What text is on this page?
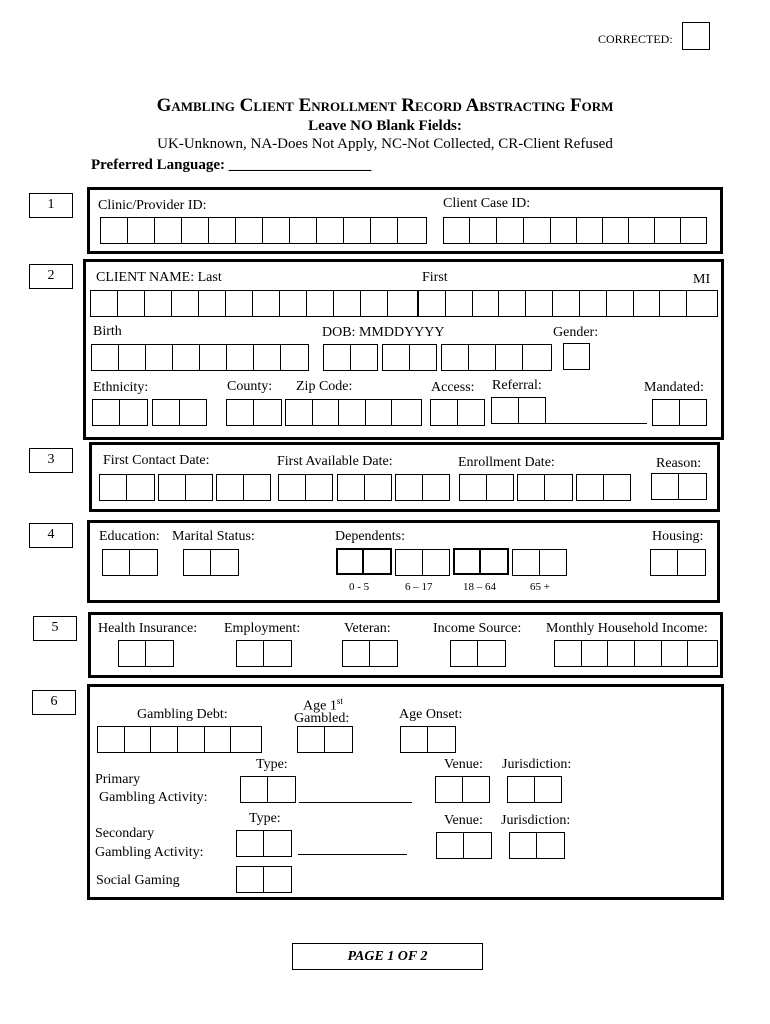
CORRECTED:
Gambling Client Enrollment Record Abstracting Form
Leave NO Blank Fields:
UK-Unknown, NA-Does Not Apply, NC-Not Collected, CR-Client Refused
Preferred Language: ___________________
1	Clinic/Provider ID:	Client Case ID:
2	CLIENT NAME: Last	First	MI
Birth	DOB: MMDDYYYY	Gender:
Ethnicity:	County: Zip Code:	Access: Referral:	Mandated:
3	First Contact Date:	First Available Date:	Enrollment Date:	Reason:
4	Education: Marital Status:	Dependents:	Housing:
0 - 5	6 – 17	18 – 64	65 +
5	Health Insurance: Employment:	Veteran:	Income Source: Monthly Household Income:
6
Gambling Debt:
Age 1st
Gambled:	Age Onset:
Type:	Venue: Jurisdiction:
Primary
Gambling Activity:
Type:	Venue: Jurisdiction:
Secondary
Gambling Activity:
Social Gaming
PAGE 1 OF 2
